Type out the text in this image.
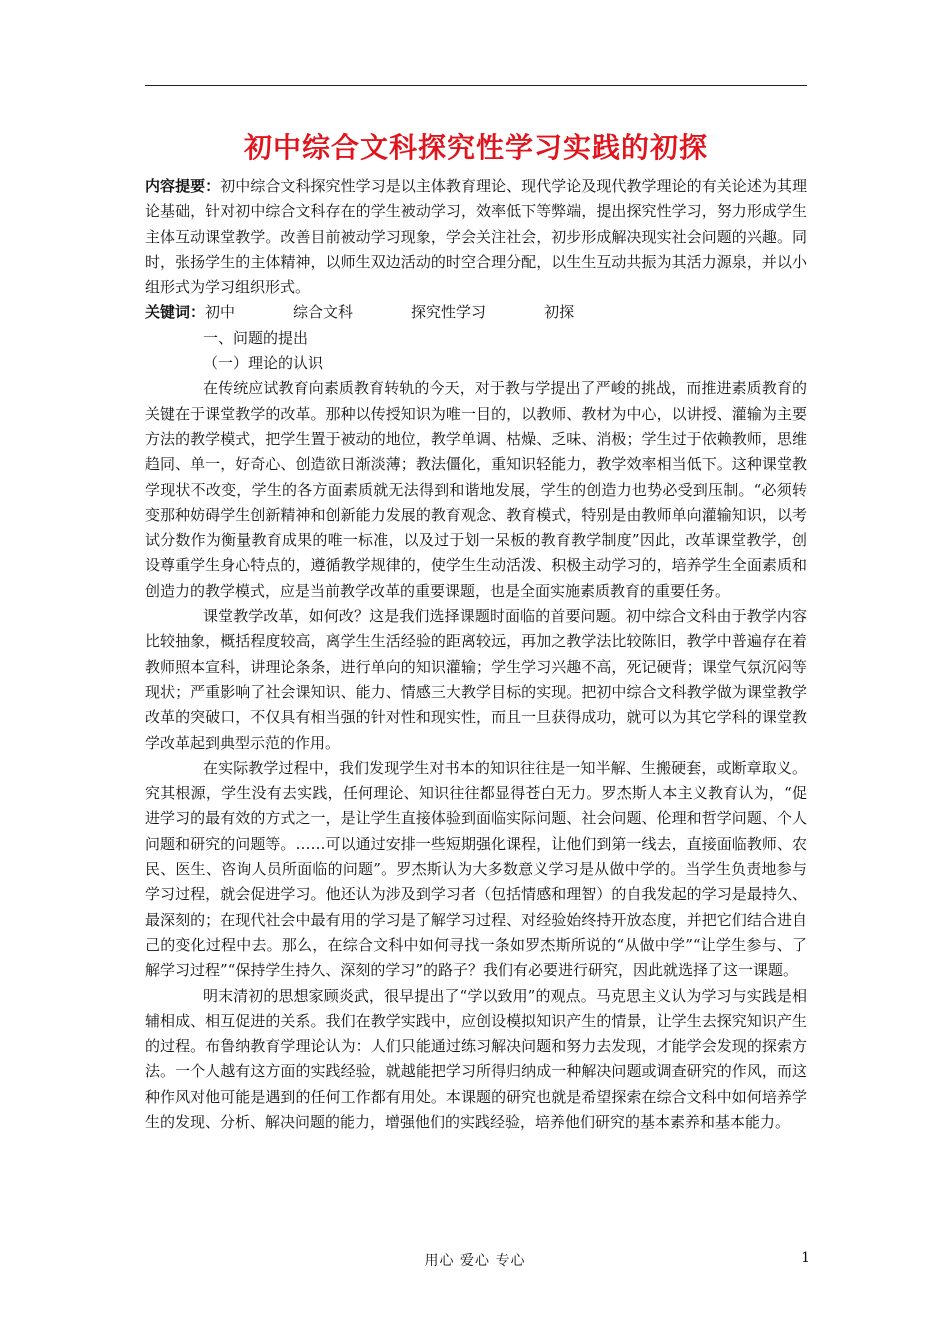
初中综合文科探究性学习实践的初探

内容提要：初中综合文科探究性学习是以主体教育理论、现代学论及现代教学理论的有关论述为其理论基础，针对初中综合文科存在的学生被动学习，效率低下等弊端，提出探究性学习，努力形成学生主体互动课堂教学。改善目前被动学习现象，学会关注社会，初步形成解决现实社会问题的兴趣。同时，张扬学生的主体精神，以师生双边活动的时空合理分配，以生生互动共振为其活力源泉，并以小组形式为学习组织形式。

关键词：初中	综合文科	探究性学习	初探

一、问题的提出

（一）理论的认识

在传统应试教育向素质教育转轨的今天，对于教与学提出了严峻的挑战，而推进素质教育的关键在于课堂教学的改革。那种以传授知识为唯一目的，以教师、教材为中心，以讲授、灌输为主要方法的教学模式，把学生置于被动的地位，教学单调、枯燥、乏味、消极；学生过于依赖教师，思维趋同、单一，好奇心、创造欲日渐淡薄；教法僵化，重知识轻能力，教学效率相当低下。这种课堂教学现状不改变，学生的各方面素质就无法得到和谐地发展，学生的创造力也势必受到压制。“必须转变那种妨碍学生创新精神和创新能力发展的教育观念、教育模式，特别是由教师单向灌输知识，以考试分数作为衡量教育成果的唯一标准，以及过于划一呆板的教育教学制度”因此，改革课堂教学，创设尊重学生身心特点的，遵循教学规律的，使学生生动活泼、积极主动学习的，培养学生全面素质和创造力的教学模式，应是当前教学改革的重要课题，也是全面实施素质教育的重要任务。

课堂教学改革，如何改？这是我们选择课题时面临的首要问题。初中综合文科由于教学内容比较抽象，概括程度较高，离学生生活经验的距离较远，再加之教学法比较陈旧，教学中普遍存在着教师照本宣科，讲理论条条，进行单向的知识灌输；学生学习兴趣不高，死记硬背；课堂气氛沉闷等现状；严重影响了社会课知识、能力、情感三大教学目标的实现。把初中综合文科教学做为课堂教学改革的突破口，不仅具有相当强的针对性和现实性，而且一旦获得成功，就可以为其它学科的课堂教学改革起到典型示范的作用。

在实际教学过程中，我们发现学生对书本的知识往往是一知半解、生搬硬套，或断章取义。究其根源，学生没有去实践，任何理论、知识往往都显得苍白无力。罗杰斯人本主义教育认为，“促进学习的最有效的方式之一，是让学生直接体验到面临实际问题、社会问题、伦理和哲学问题、个人问题和研究的问题等。……可以通过安排一些短期强化课程，让他们到第一线去，直接面临教师、农民、医生、咨询人员所面临的问题”。罗杰斯认为大多数意义学习是从做中学的。当学生负责地参与学习过程，就会促进学习。他还认为涉及到学习者（包括情感和理智）的自我发起的学习是最持久、最深刻的；在现代社会中最有用的学习是了解学习过程、对经验始终持开放态度，并把它们结合进自己的变化过程中去。那么，在综合文科中如何寻找一条如罗杰斯所说的“从做中学”“让学生参与、了解学习过程”“保持学生持久、深刻的学习”的路子？我们有必要进行研究，因此就选择了这一课题。

明末清初的思想家顾炎武，很早提出了“学以致用”的观点。马克思主义认为学习与实践是相辅相成、相互促进的关系。我们在教学实践中，应创设模拟知识产生的情景，让学生去探究知识产生的过程。布鲁纳教育学理论认为：人们只能通过练习解决问题和努力去发现，才能学会发现的探索方法。一个人越有这方面的实践经验，就越能把学习所得归纳成一种解决问题或调查研究的作风，而这种作风对他可能是遇到的任何工作都有用处。本课题的研究也就是希望探索在综合文科中如何培养学生的发现、分析、解决问题的能力，增强他们的实践经验，培养他们研究的基本素养和基本能力。

用心 爱心 专心	1
